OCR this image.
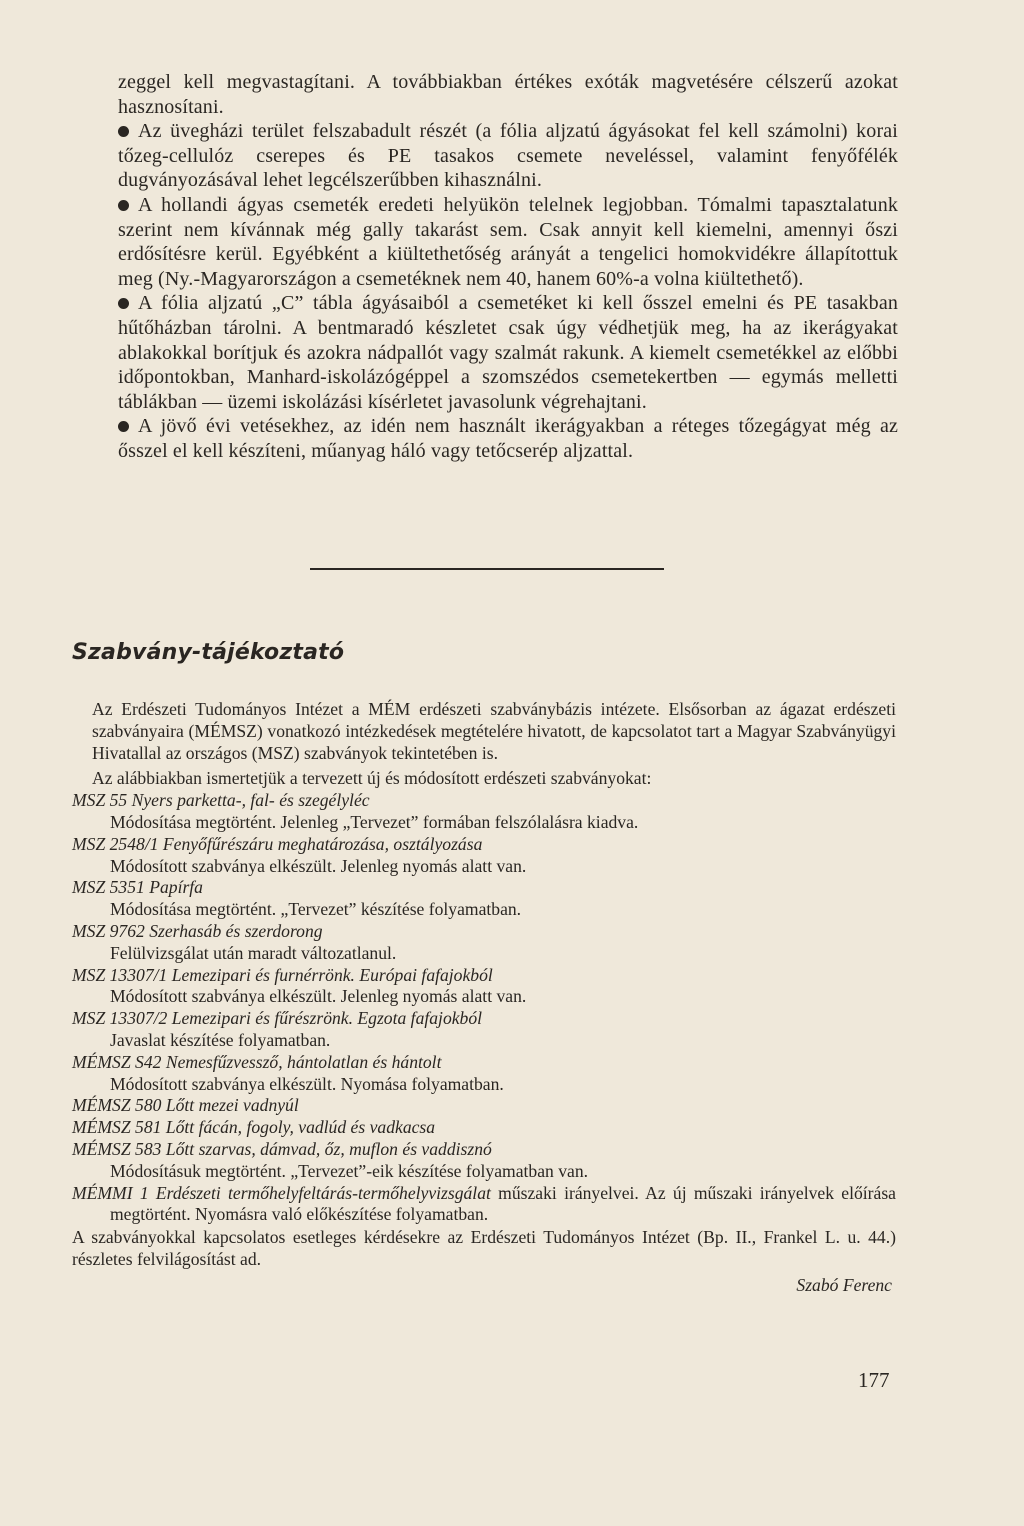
zeggel kell megvastagítani. A továbbiakban értékes exóták magvetésére célszerű azokat hasznosítani.

Az üvegházi terület felszabadult részét (a fólia aljzatú ágyásokat fel kell számolni) korai tőzeg-cellulóz cserepes és PE tasakos csemete neveléssel, valamint fenyőfélék dugványozásával lehet legcélszerűbben kihasználni.

A hollandi ágyas csemeték eredeti helyükön telelnek legjobban. Tómalmi tapasztalatunk szerint nem kívánnak még gally takarást sem. Csak annyit kell kiemelni, amennyi őszi erdősítésre kerül. Egyébként a kiültethetőség arányát a tengelici homokvidékre állapítottuk meg (Ny.-Magyarországon a csemetéknek nem 40, hanem 60%-a volna kiültethető).

A fólia aljzatú „C” tábla ágyásaiból a csemetéket ki kell ősszel emelni és PE tasakban hűtőházban tárolni. A bentmaradó készletet csak úgy védhetjük meg, ha az ikerágyakat ablakokkal borítjuk és azokra nádpallót vagy szalmát rakunk. A kiemelt csemetékkel az előbbi időpontokban, Manhard-iskolázógéppel a szomszédos csemetekertben — egymás melletti táblákban — üzemi iskolázási kísérletet javasolunk végrehajtani.

A jövő évi vetésekhez, az idén nem használt ikerágyakban a réteges tőzegágyat még az ősszel el kell készíteni, műanyag háló vagy tetőcserép aljzattal.

Szabvány-tájékoztató

Az Erdészeti Tudományos Intézet a MÉM erdészeti szabványbázis intézete. Elsősorban az ágazat erdészeti szabványaira (MÉMSZ) vonatkozó intézkedések megtételére hivatott, de kapcsolatot tart a Magyar Szabványügyi Hivatallal az országos (MSZ) szabványok tekintetében is.

Az alábbiakban ismertetjük a tervezett új és módosított erdészeti szabványokat:

MSZ 55 Nyers parketta-, fal- és szegélyléc
Módosítása megtörtént. Jelenleg „Tervezet” formában felszólalásra kiadva.

MSZ 2548/1 Fenyőfűrészáru meghatározása, osztályozása
Módosított szabványa elkészült. Jelenleg nyomás alatt van.

MSZ 5351 Papírfa
Módosítása megtörtént. „Tervezet” készítése folyamatban.

MSZ 9762 Szerhasáb és szerdorong
Felülvizsgálat után maradt változatlanul.

MSZ 13307/1 Lemezipari és furnérrönk. Európai fafajokból
Módosított szabványa elkészült. Jelenleg nyomás alatt van.

MSZ 13307/2 Lemezipari és fűrészrönk. Egzota fafajokból
Javaslat készítése folyamatban.

MÉMSZ S42 Nemesfűzvessző, hántolatlan és hántolt
Módosított szabványa elkészült. Nyomása folyamatban.

MÉMSZ 580 Lőtt mezei vadnyúl

MÉMSZ 581 Lőtt fácán, fogoly, vadlúd és vadkacsa

MÉMSZ 583 Lőtt szarvas, dámvad, őz, muflon és vaddisznó
Módosításuk megtörtént. „Tervezet”-eik készítése folyamatban van.

MÉMMI 1 Erdészeti termőhelyfeltárás-termőhelyvizsgálat műszaki irányelvei. Az új műszaki irányelvek előírása megtörtént. Nyomásra való előkészítése folyamatban.

A szabványokkal kapcsolatos esetleges kérdésekre az Erdészeti Tudományos Intézet (Bp. II., Frankel L. u. 44.) részletes felvilágosítást ad.

Szabó Ferenc

177
